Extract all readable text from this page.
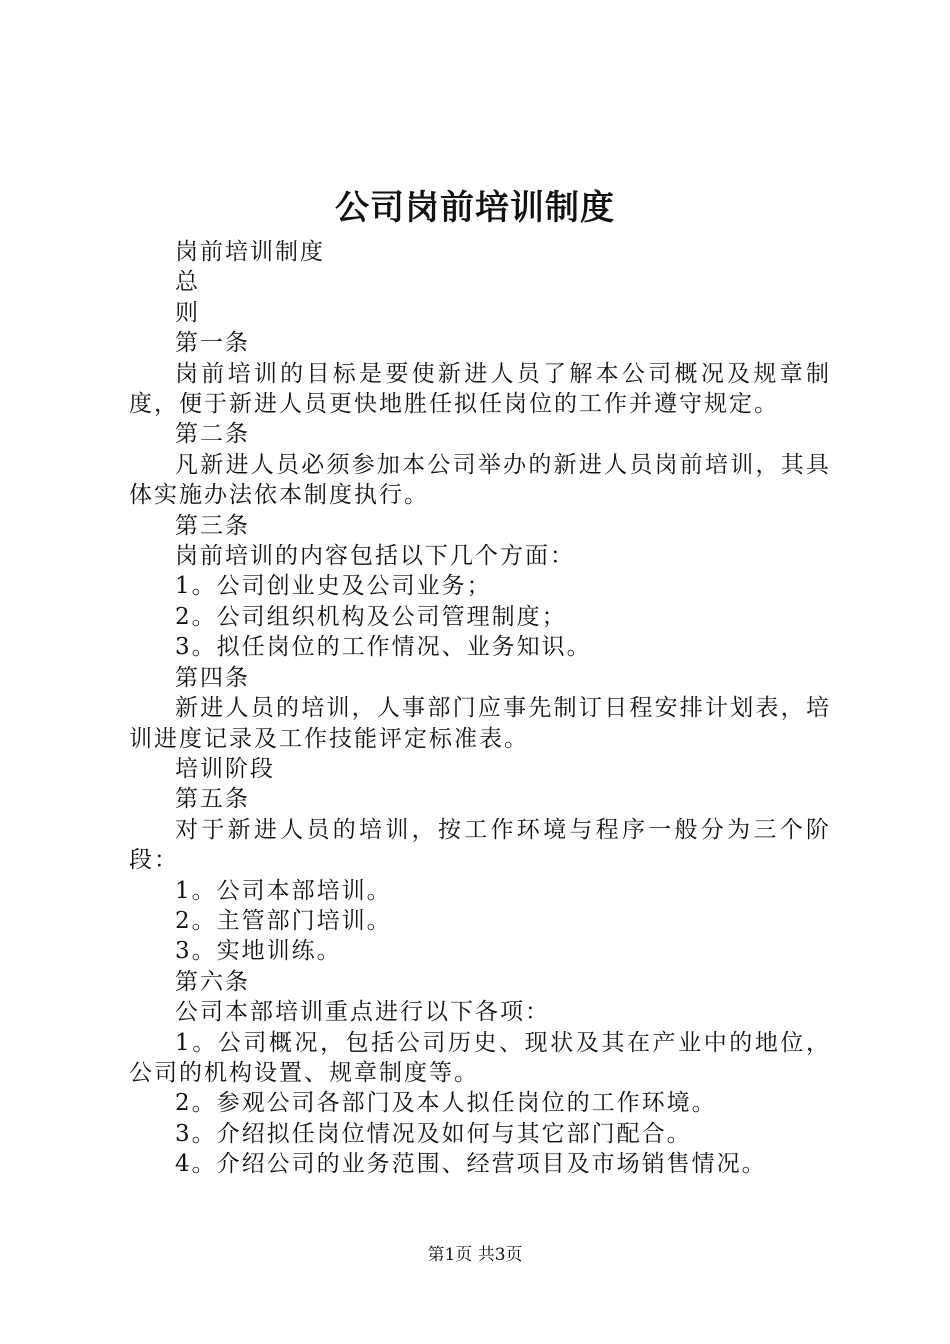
公司岗前培训制度

岗前培训制度

总

则

第一条

岗前培训的目标是要使新进人员了解本公司概况及规章制度，便于新进人员更快地胜任拟任岗位的工作并遵守规定。

第二条

凡新进人员必须参加本公司举办的新进人员岗前培训，其具体实施办法依本制度执行。

第三条

岗前培训的内容包括以下几个方面：

1。公司创业史及公司业务；

2。公司组织机构及公司管理制度；

3。拟任岗位的工作情况、业务知识。

第四条

新进人员的培训，人事部门应事先制订日程安排计划表，培训进度记录及工作技能评定标准表。

培训阶段

第五条

对于新进人员的培训，按工作环境与程序一般分为三个阶段：

1。公司本部培训。

2。主管部门培训。

3。实地训练。

第六条

公司本部培训重点进行以下各项：

1。公司概况，包括公司历史、现状及其在产业中的地位，公司的机构设置、规章制度等。

2。参观公司各部门及本人拟任岗位的工作环境。

3。介绍拟任岗位情况及如何与其它部门配合。

4。介绍公司的业务范围、经营项目及市场销售情况。

第1页 共3页
